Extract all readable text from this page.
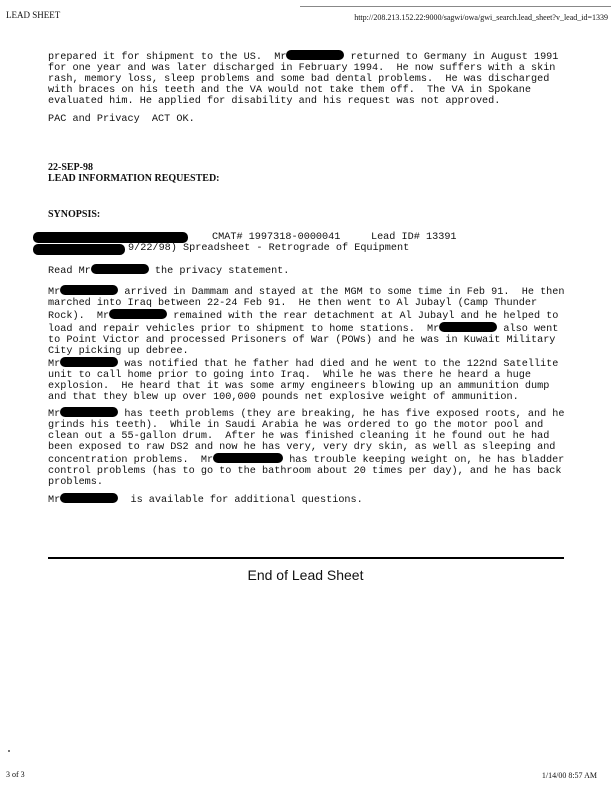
LEAD SHEET	http://208.213.152.22:9000/sagwi/owa/gwi_search.lead_sheet?v_lead_id=1339

prepared it for shipment to the US.  Mr	returned to Germany in August 1991

for one year and was later discharged in February 1994.  He now suffers with a skin

rash, memory loss, sleep problems and some bad dental problems.  He was discharged

with braces on his teeth and the VA would not take them off.  The VA in Spokane

evaluated him. He applied for disability and his request was not approved.

PAC and Privacy  ACT OK.

22-SEP-98
LEAD INFORMATION REQUESTED:
SYNOPSIS:

CMAT# 1997318-0000041     Lead ID# 13391

9/22/98) Spreadsheet - Retrograde of Equipment

Read Mr	the privacy statement.

Mr	arrived in Dammam and stayed at the MGM to some time in Feb 91.  He then

marched into Iraq between 22-24 Feb 91.  He then went to Al Jubayl (Camp Thunder

Rock).  Mr	remained with the rear detachment at Al Jubayl and he helped to

load and repair vehicles prior to shipment to home stations.  Mr	also went

to Point Victor and processed Prisoners of War (POWs) and he was in Kuwait Military

City picking up debree.

Mr	was notified that he father had died and he went to the 122nd Satellite

unit to call home prior to going into Iraq.  While he was there he heard a huge

explosion.  He heard that it was some army engineers blowing up an ammunition dump

and that they blew up over 100,000 pounds net explosive weight of ammunition.

Mr	has teeth problems (they are breaking, he has five exposed roots, and he

grinds his teeth).  While in Saudi Arabia he was ordered to go the motor pool and

clean out a 55-gallon drum.  After he was finished cleaning it he found out he had

been exposed to raw DS2 and now he has very, very dry skin, as well as sleeping and

concentration problems.  Mr	has trouble keeping weight on, he has bladder

control problems (has to go to the bathroom about 20 times per day), and he has back

problems.

Mr	is available for additional questions.

End of Lead Sheet
3 of 3	1/14/00 8:57 AM
